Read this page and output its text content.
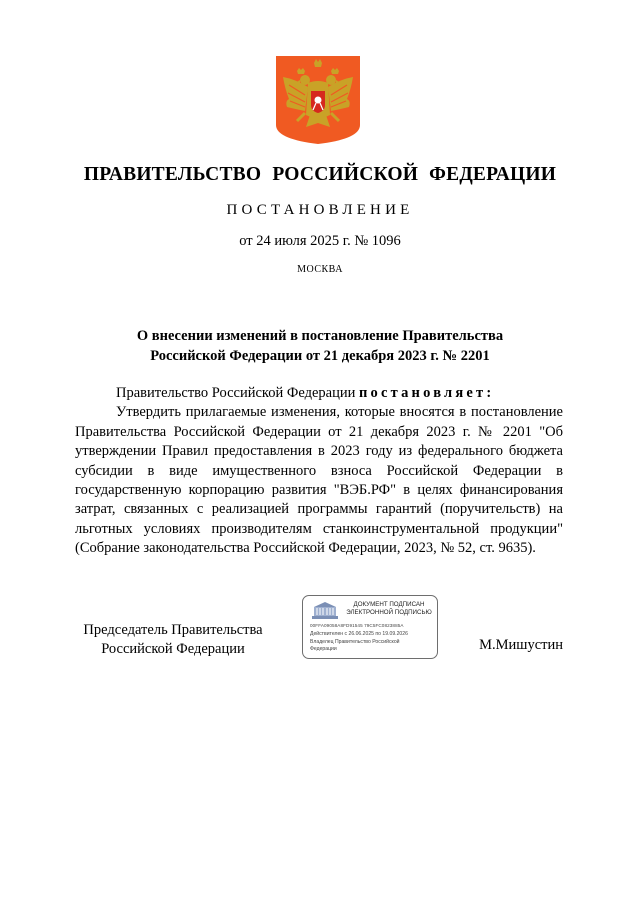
ПРАВИТЕЛЬСТВО РОССИЙСКОЙ ФЕДЕРАЦИИ
ПОСТАНОВЛЕНИЕ
от 24 июля 2025 г. № 1096
МОСКВА
О внесении изменений в постановление Правительства
Российской Федерации от 21 декабря 2023 г. № 2201

Правительство Российской Федерации постановляет:

Утвердить прилагаемые изменения, которые вносятся в постановление Правительства Российской Федерации от 21 декабря 2023 г. № 2201 "Об утверждении Правил предоставления в 2023 году из федерального бюджета субсидии в виде имущественного взноса Российской Федерации в государственную корпорацию развития "ВЭБ.РФ" в целях финансирования затрат, связанных с реализацией программы гарантий (поручительств) на льготных условиях производителям станкоинструментальной продукции" (Собрание законодательства Российской Федерации, 2023, № 52, ст. 9635).

Председатель Правительства
Российской Федерации
ДОКУМЕНТ ПОДПИСАН
ЭЛЕКТРОННОЙ ПОДПИСЬЮ
00FFA09058A8FD91545 79C5FC0823885A
Действителен с 26.06.2025 по 19.09.2026
Владелец Правительство Российской Федерации	М.Мишустин
